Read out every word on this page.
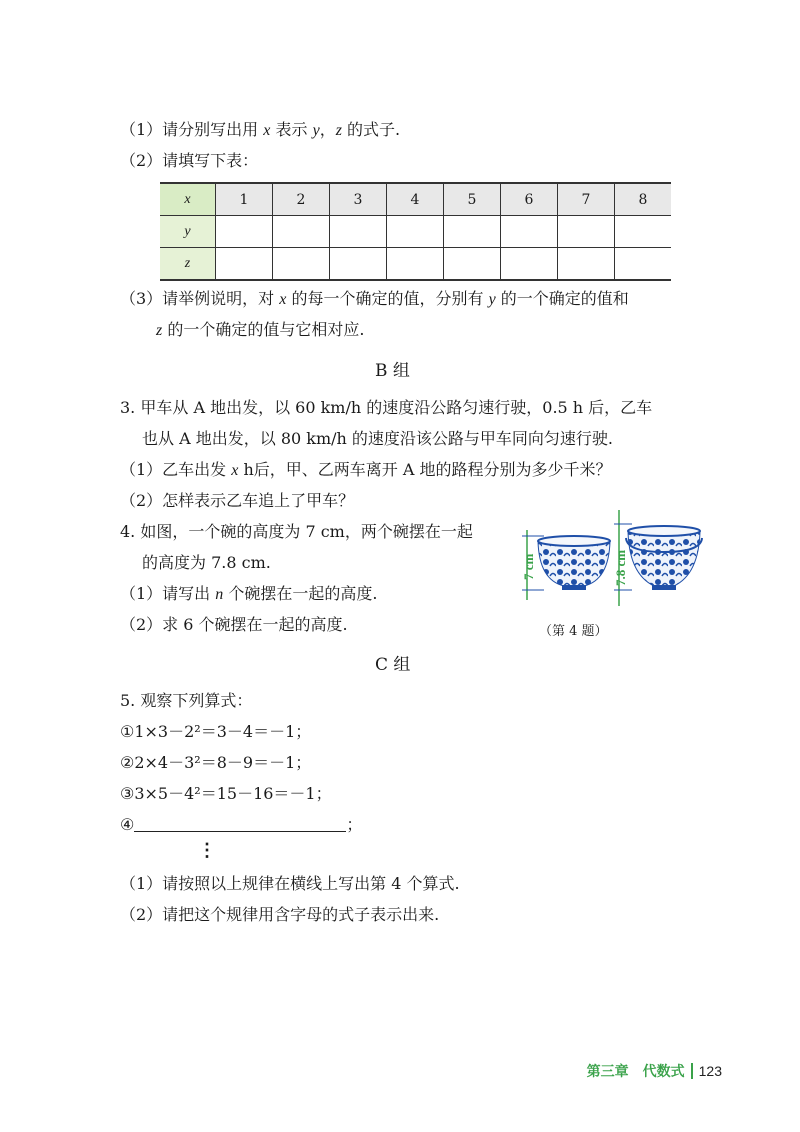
（1）请分别写出用 x 表示 y，z 的式子.
（2）请填写下表：
x	1	2	3	4	5	6	7	8
y								
z								
（3）请举例说明，对 x 的每一个确定的值，分别有 y 的一个确定的值和
z 的一个确定的值与它相对应.
B 组
3. 甲车从 A 地出发，以 60 km/h 的速度沿公路匀速行驶，0.5 h 后，乙车
也从 A 地出发，以 80 km/h 的速度沿该公路与甲车同向匀速行驶.
（1）乙车出发 x h后，甲、乙两车离开 A 地的路程分别为多少千米？
（2）怎样表示乙车追上了甲车？
4. 如图，一个碗的高度为 7 cm，两个碗摆在一起
的高度为 7.8 cm.
（1）请写出 n 个碗摆在一起的高度.
（2）求 6 个碗摆在一起的高度.
7 cm	7.8 cm
（第 4 题）
C 组
5. 观察下列算式：
①1×3－2²＝3－4＝－1；
②2×4－3²＝8－9＝－1；
③3×5－4²＝15－16＝－1；
④	；
⋮
（1）请按照以上规律在横线上写出第 4 个算式.
（2）请把这个规律用含字母的式子表示出来.
第三章　代数式 123
